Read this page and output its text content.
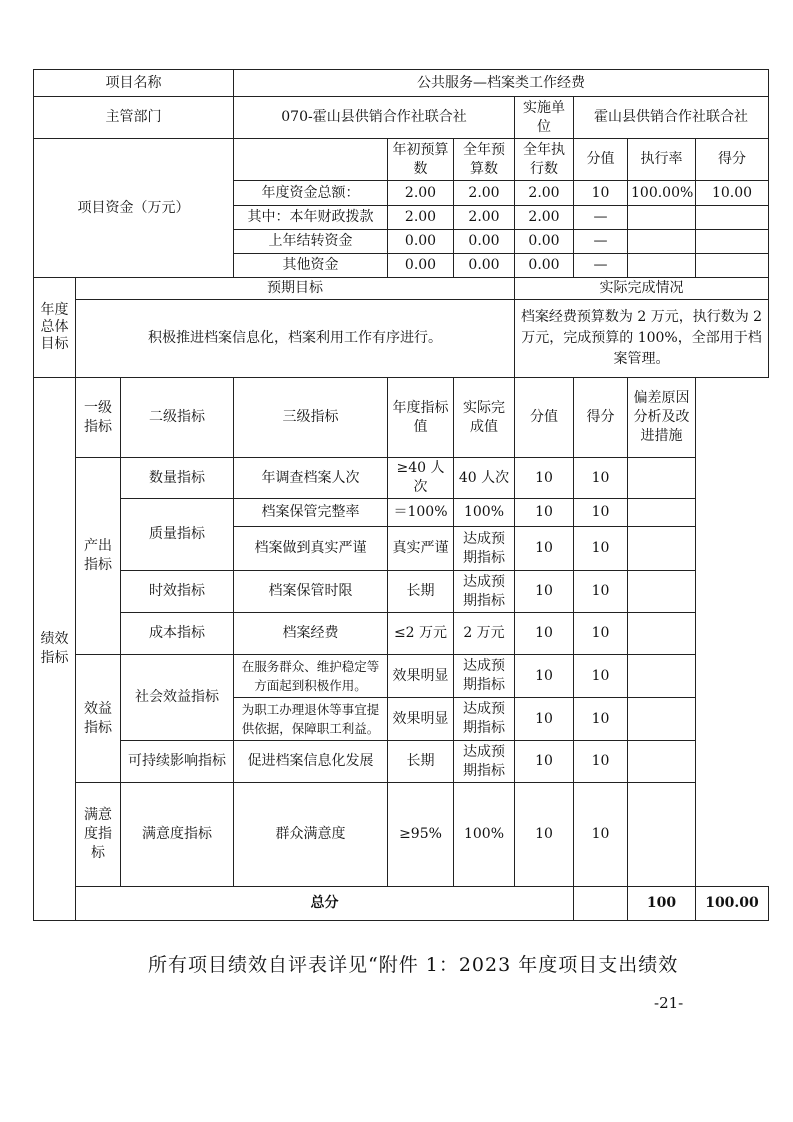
项目名称			公共服务—档案类工作经费							
主管部门			070-霍山县供销合作社联合社			实施单位	霍山县供销合作社联合社			
项目资金（万元）				年初预算数	全年预算数	全年执行数	分值	执行率	得分	
			年度资金总额：	2.00	2.00	2.00	10	100.00%	10.00	
			其中：本年财政拨款	2.00	2.00	2.00	—			
			上年结转资金	0.00	0.00	0.00	—			
			其他资金	0.00	0.00	0.00	—			
年度总体目标	预期目标					实际完成情况				
	积极推进档案信息化，档案利用工作有序进行。					档案经费预算数为 2 万元，执行数为 2 万元，完成预算的 100%，全部用于档案管理。				
绩效指标	一级指标	二级指标	三级指标	年度指标值	实际完成值	分值	得分	偏差原因分析及改进措施		
	产出指标	数量指标	年调查档案人次	≥40 人次	40 人次	10	10			
		质量指标	档案保管完整率	＝100%	100%	10	10			
			档案做到真实严谨	真实严谨	达成预期指标	10	10			
		时效指标	档案保管时限	长期	达成预期指标	10	10			
		成本指标	档案经费	≤2 万元	2 万元	10	10			
	效益指标	社会效益指标	在服务群众、维护稳定等方面起到积极作用。	效果明显	达成预期指标	10	10			
			为职工办理退休等事宜提供依据，保障职工利益。	效果明显	达成预期指标	10	10			
		可持续影响指标	促进档案信息化发展	长期	达成预期指标	10	10			
	满意度指标	满意度指标	群众满意度	≥95%	100%	10	10			
	总分							100	100.00	
所有项目绩效自评表详见“附件 1：2023 年度项目支出绩效
-21-
